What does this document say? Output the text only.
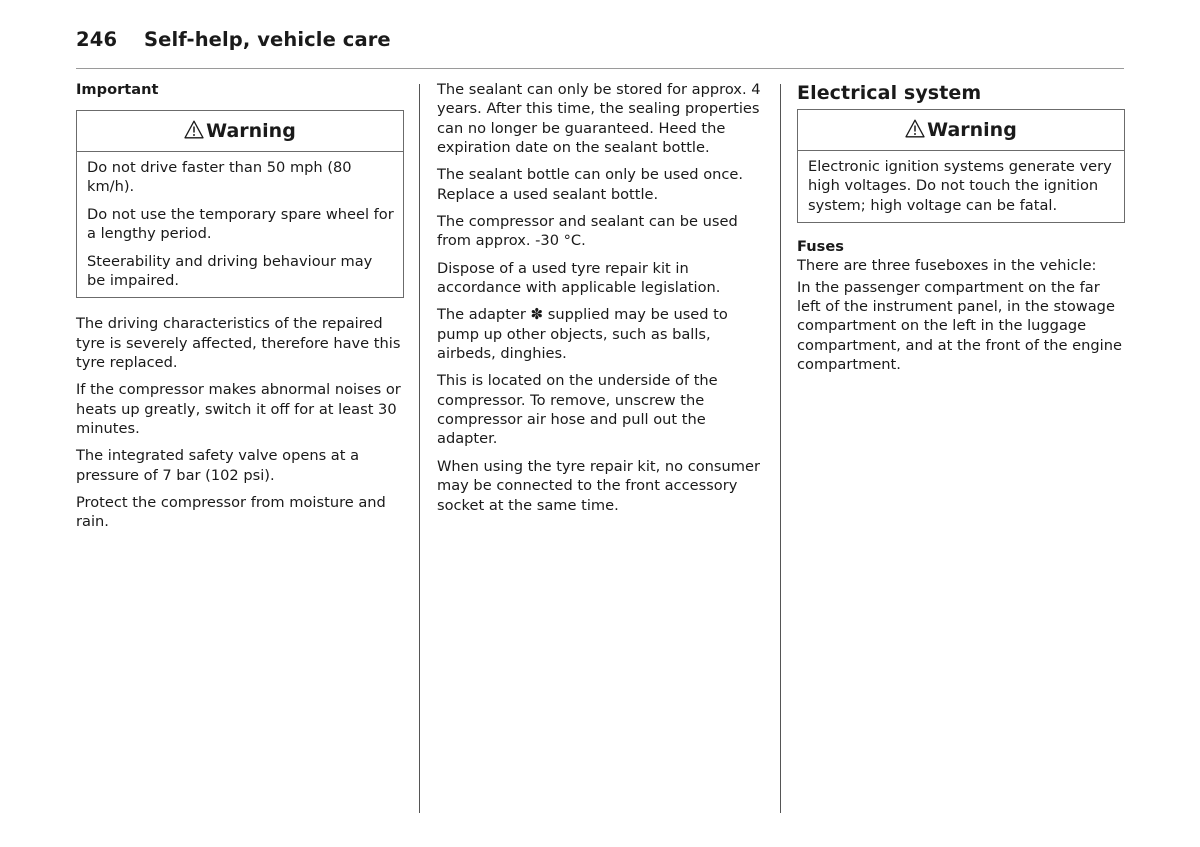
246 Self-help, vehicle care

Important

Warning

Do not drive faster than 50 mph (80 km/h).

Do not use the temporary spare wheel for a lengthy period.

Steerability and driving behaviour may be impaired.

The driving characteristics of the repaired tyre is severely affected, therefore have this tyre replaced.

If the compressor makes abnormal noises or heats up greatly, switch it off for at least 30 minutes.

The integrated safety valve opens at a pressure of 7 bar (102 psi).

Protect the compressor from moisture and rain.

The sealant can only be stored for approx. 4 years. After this time, the sealing properties can no longer be guaranteed. Heed the expiration date on the sealant bottle.

The sealant bottle can only be used once. Replace a used sealant bottle.

The compressor and sealant can be used from approx. -30 °C.

Dispose of a used tyre repair kit in accordance with applicable legislation.

The adapter ✽ supplied may be used to pump up other objects, such as balls, airbeds, dinghies.

This is located on the underside of the compressor. To remove, unscrew the compressor air hose and pull out the adapter.

When using the tyre repair kit, no consumer may be connected to the front accessory socket at the same time.

Electrical system

Warning

Electronic ignition systems generate very high voltages. Do not touch the ignition system; high voltage can be fatal.

Fuses

There are three fuseboxes in the vehicle:

In the passenger compartment on the far left of the instrument panel, in the stowage compartment on the left in the luggage compartment, and at the front of the engine compartment.
